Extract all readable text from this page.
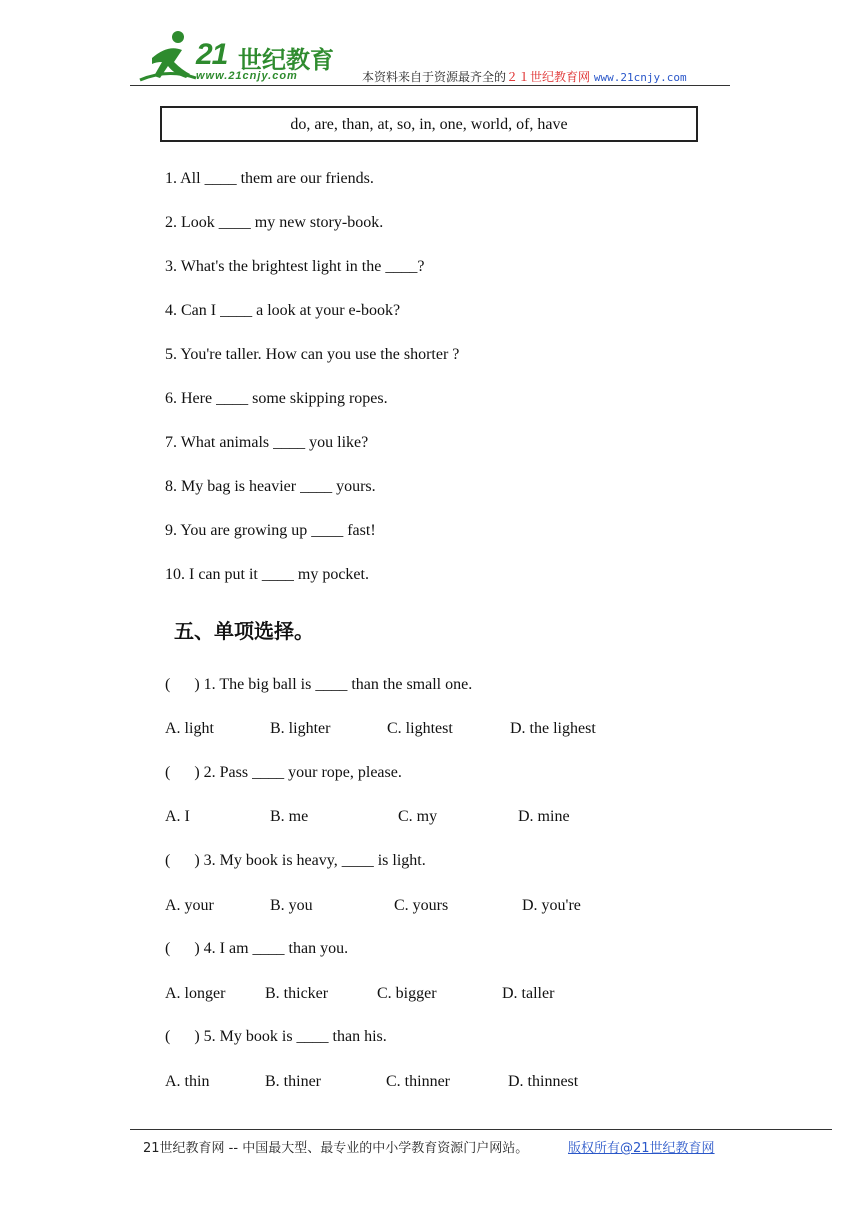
21 世纪教育
www.21cnjy.com	本资料来自于资源最齐全的２１世纪教育网 www.21cnjy.com
do, are, than, at, so, in, one, world, of, have
1. All ____ them are our friends.
2. Look ____ my new story-book.
3. What's the brightest light in the ____?
4. Can I ____ a look at your e-book?
5. You're taller. How can you use the shorter ?
6. Here ____ some skipping ropes.
7. What animals ____ you like?
8. My bag is heavier ____ yours.
9. You are growing up ____ fast!
10. I can put it ____ my pocket.
五、单项选择。
(      ) 1. The big ball is ____ than the small one.
A. light	B. lighter	C. lightest	D. the lighest
(      ) 2. Pass ____ your rope, please.
A. I	B. me	C. my	D. mine
(      ) 3. My book is heavy, ____ is light.
A. your	B. you	C. yours	D. you're
(      ) 4. I am ____ than you.
A. longer B. thicker	C. bigger	D. taller
(      ) 5. My book is ____ than his.
A. thin	B. thiner	C. thinner	D. thinnest
21世纪教育网 -- 中国最大型、最专业的中小学教育资源门户网站。	版权所有@21世纪教育网
